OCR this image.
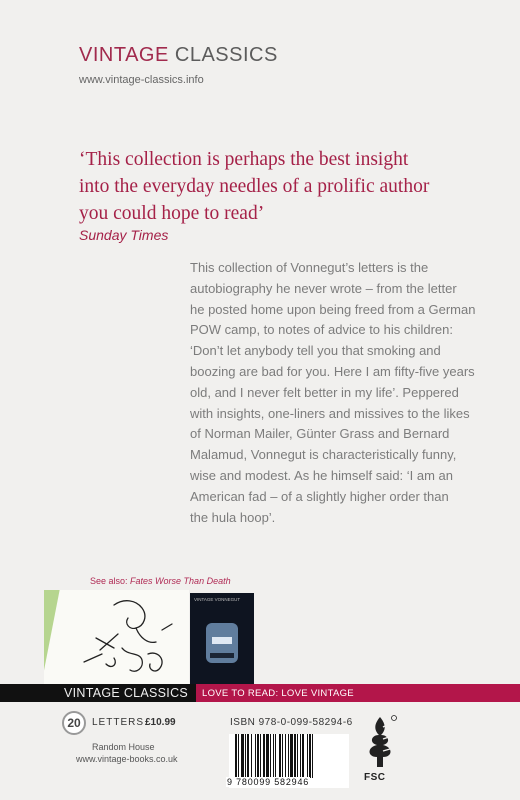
VINTAGE CLASSICS
www.vintage-classics.info
‘This collection is perhaps the best insight into the everyday needles of a prolific author you could hope to read’
Sunday Times
This collection of Vonnegut’s letters is the
autobiography he never wrote – from the letter
he posted home upon being freed from a German
POW camp, to notes of advice to his children:
‘Don’t let anybody tell you that smoking and
boozing are bad for you. Here I am fifty-five years
old, and I never felt better in my life’. Peppered
with insights, one-liners and missives to the likes
of Norman Mailer, Günter Grass and Bernard
Malamud, Vonnegut is characteristically funny,
wise and modest. As he himself said: ‘I am an
American fad – of a slightly higher order than
the hula hoop’.
See also: Fates Worse Than Death
VINTAGE VONNEGUT
VINTAGE CLASSICS LOVE TO READ: LOVE VINTAGE
20	LETTERS £10.99
Random House
www.vintage-books.co.uk
ISBN 978-0-099-58294-6
9 780099 582946	FSC
